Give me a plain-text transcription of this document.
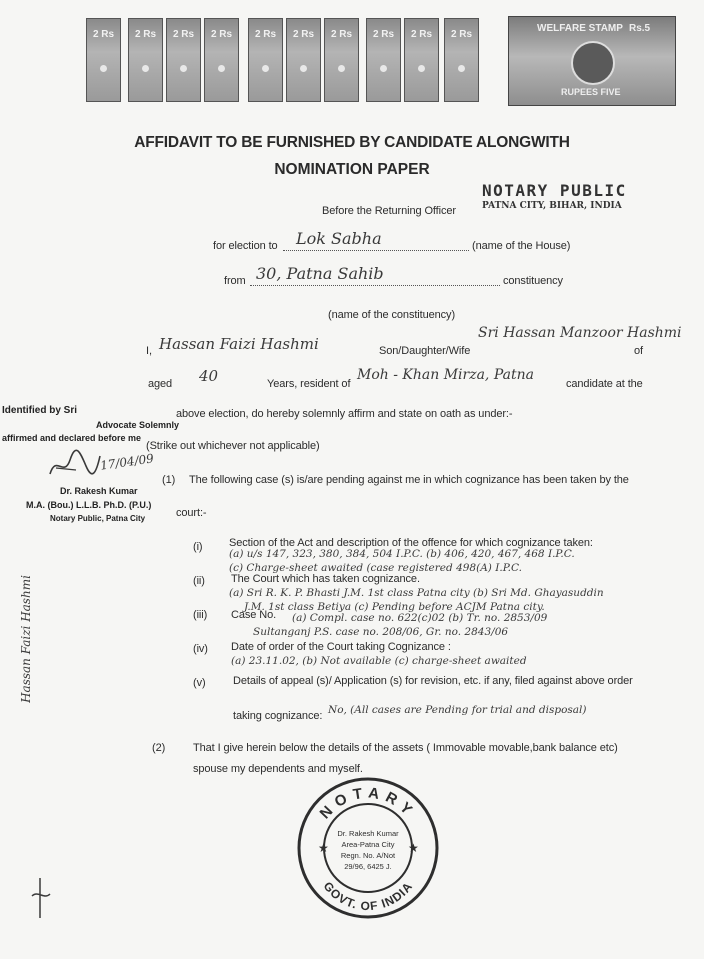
2 Rs	2 Rs	2 Rs	2 Rs	2 Rs	2 Rs	2 Rs	2 Rs	2 Rs	2 Rs
WELFARE STAMP Rs.5
RUPEES FIVE
AFFIDAVIT TO BE FURNISHED BY CANDIDATE ALONGWITH
NOMINATION PAPER
NOTARY PUBLIC
PATNA CITY, BIHAR, INDIA
Before the Returning Officer
for election to Lok Sabha	(name of the House)
from 30, Patna Sahib	constituency
(name of the constituency)
I, Hassan Faizi Hashmi	Son/Daughter/Wife
Sri Hassan Manzoor Hashmi
of
aged 40	Years, resident of
Moh - Khan Mirza, Patna
candidate at the
above election, do hereby solemnly affirm and state on oath as under:-
(Strike out whichever not applicable)
(1) The following case (s) is/are pending against me in which cognizance has been taken by the
court:-
(i) Section of the Act and description of the offence for which cognizance taken:
(a) u/s 147, 323, 380, 384, 504 I.P.C. (b) 406, 420, 467, 468 I.P.C.
(c) Charge-sheet awaited (case registered 498(A) I.P.C.
(ii) The Court which has taken cognizance.
(a) Sri R. K. P. Bhasti J.M. 1st class Patna city (b) Sri Md. Ghayasuddin
J.M. 1st class Betiya (c) Pending before ACJM Patna city.
(iii) Case No. (a) Compl. case no. 622(c)02 (b) Tr. no. 2853/09
Sultanganj P.S. case no. 208/06, Gr. no. 2843/06
(iv) Date of order of the Court taking Cognizance :
(a) 23.11.02, (b) Not available (c) charge-sheet awaited
(v) Details of appeal (s)/ Application (s) for revision, etc. if any, filed against above order
taking cognizance: No, (All cases are Pending for trial and disposal)
(2)	That I give herein below the details of the assets ( Immovable movable,bank balance etc)
spouse my dependents and myself.
Identified by Sri
Advocate Solemnly
affirmed and declared before me
17/04/09
Dr. Rakesh Kumar
M.A. (Bou.) L.L.B. Ph.D. (P.U.)
Notary Public, Patna City
Hassan Faizi Hashmi
NOTARY
GOVT. OF INDIA
★	★
Dr. Rakesh Kumar
Area-Patna City
Regn. No. A/Not
29/96, 6425 J.
